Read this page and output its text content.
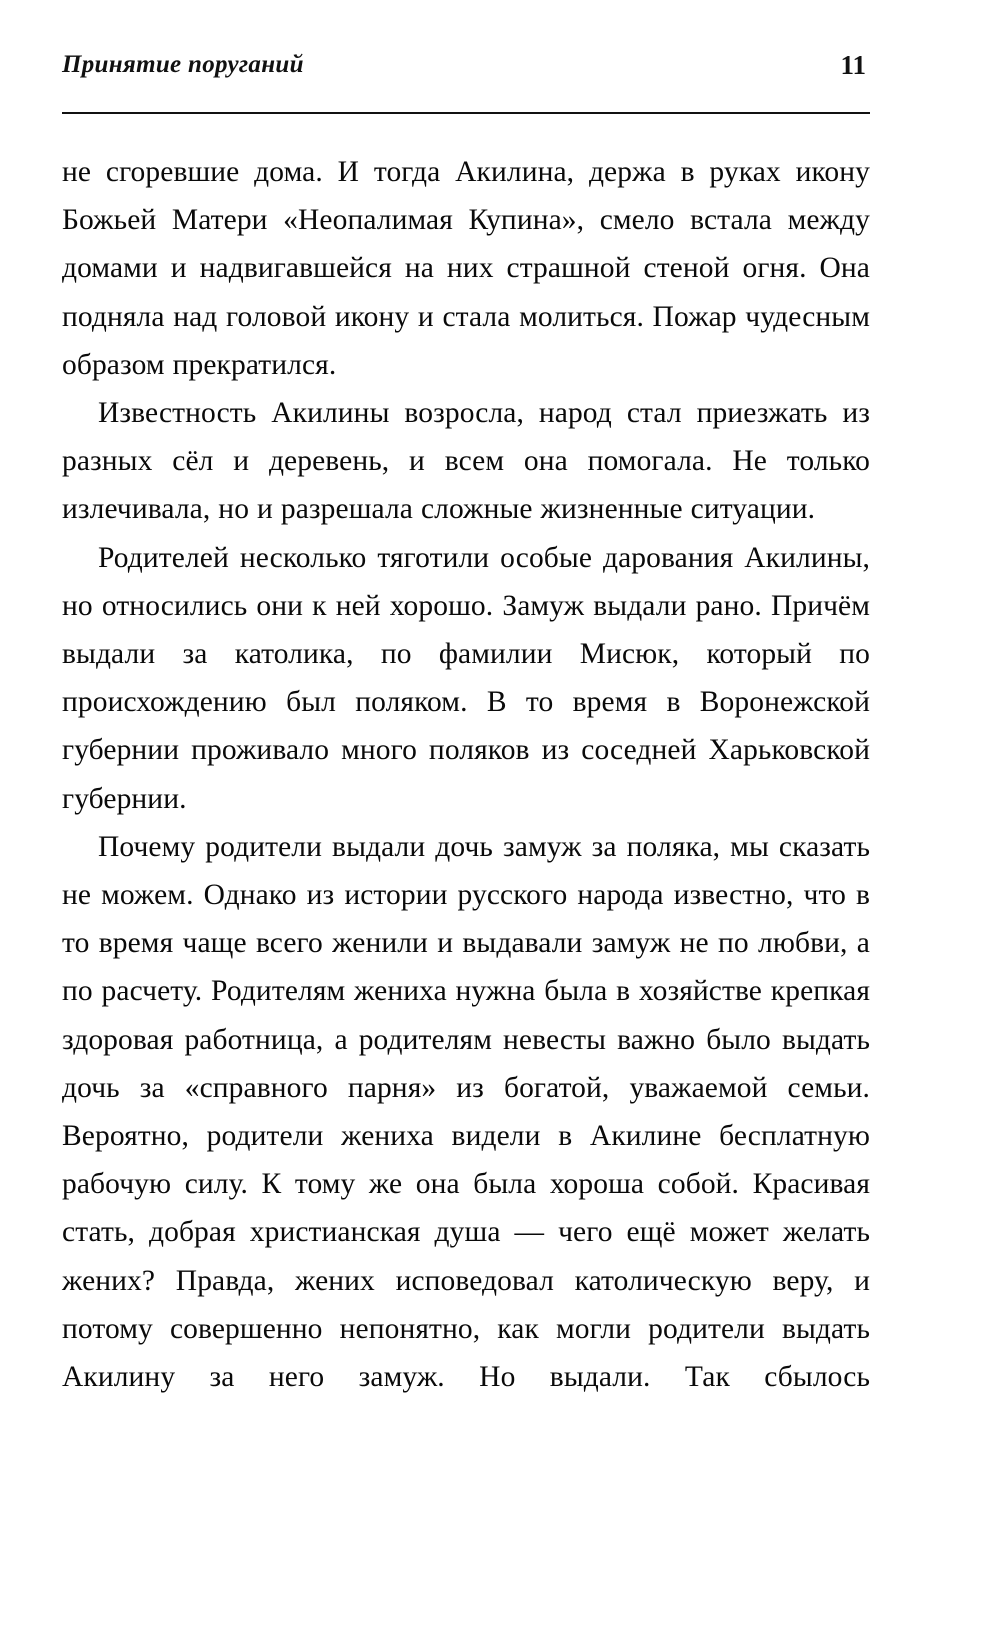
Принятие поруганий	11

не сгоревшие дома. И тогда Акилина, держа в руках икону Божьей Матери «Неопалимая Купина», смело встала между домами и надвигавшейся на них страшной стеной огня. Она подняла над головой икону и стала молиться. Пожар чудесным образом прекратился.

Известность Акилины возросла, народ стал приезжать из разных сёл и деревень, и всем она помогала. Не только излечивала, но и разрешала сложные жизненные ситуации.

Родителей несколько тяготили особые дарования Акилины, но относились они к ней хорошо. Замуж выдали рано. Причём выдали за католика, по фамилии Мисюк, который по происхождению был поляком. В то время в Воронежской губернии проживало много поляков из соседней Харьковской губернии.

Почему родители выдали дочь замуж за поляка, мы сказать не можем. Однако из истории русского народа известно, что в то время чаще всего женили и выдавали замуж не по любви, а по расчету. Родителям жениха нужна была в хозяйстве крепкая здоровая работница, а родителям невесты важно было выдать дочь за «справного парня» из богатой, уважаемой семьи. Вероятно, родители жениха видели в Акилине бесплатную рабочую силу. К тому же она была хороша собой. Красивая стать, добрая христианская душа — чего ещё может желать жених? Правда, жених исповедовал католическую веру, и потому совершенно непонятно, как могли родители выдать Акилину за него замуж. Но выдали. Так сбылось
